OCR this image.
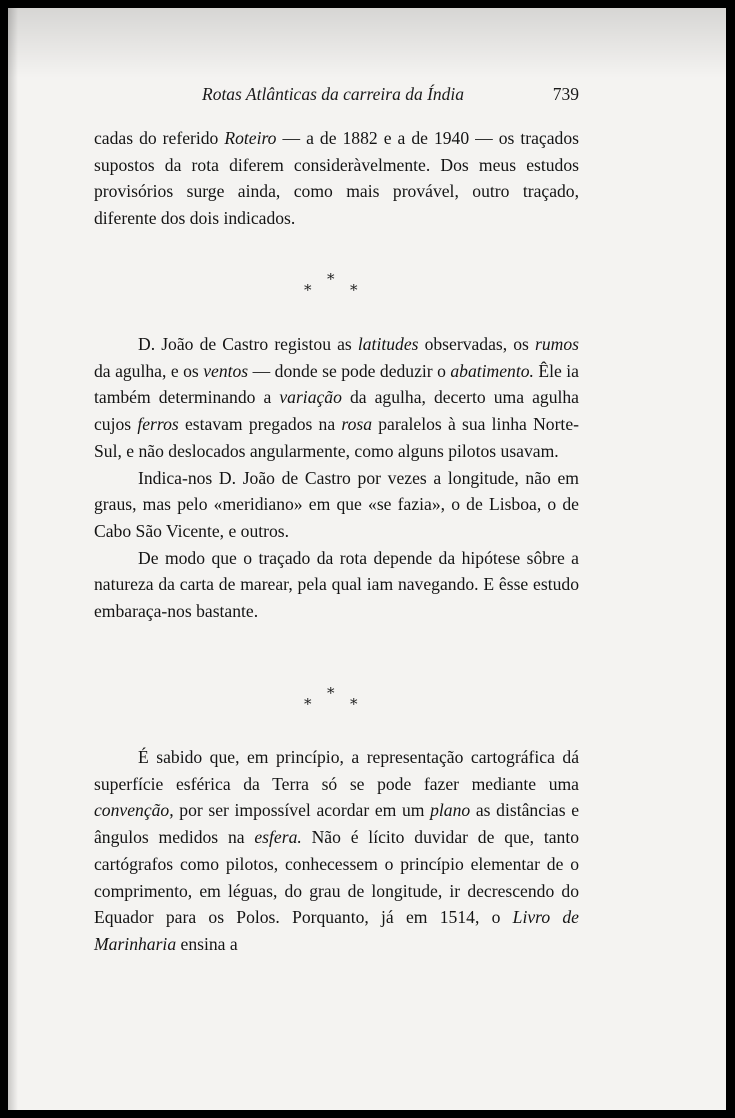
Rotas Atlânticas da carreira da Índia	739

cadas do referido Roteiro — a de 1882 e a de 1940 — os traçados supostos da rota diferem consideràvelmente. Dos meus estudos provisórios surge ainda, como mais provável, outro traçado, diferente dos dois indicados.

*
*	*

D. João de Castro registou as latitudes observadas, os rumos da agulha, e os ventos — donde se pode deduzir o abatimento. Êle ia também determinando a variação da agulha, decerto uma agulha cujos ferros estavam pregados na rosa paralelos à sua linha Norte-Sul, e não deslocados angularmente, como alguns pilotos usavam.

Indica-nos D. João de Castro por vezes a longitude, não em graus, mas pelo «meridiano» em que «se fazia», o de Lisboa, o de Cabo São Vicente, e outros.

De modo que o traçado da rota depende da hipótese sôbre a natureza da carta de marear, pela qual iam navegando. E êsse estudo embaraça-nos bastante.

*
*	*

É sabido que, em princípio, a representação cartográfica dá superfície esférica da Terra só se pode fazer mediante uma convenção, por ser impossível acordar em um plano as distâncias e ângulos medidos na esfera. Não é lícito duvidar de que, tanto cartógrafos como pilotos, conhecessem o princípio elementar de o comprimento, em léguas, do grau de longitude, ir decrescendo do Equador para os Polos. Porquanto, já em 1514, o Livro de Marinharia ensina a
